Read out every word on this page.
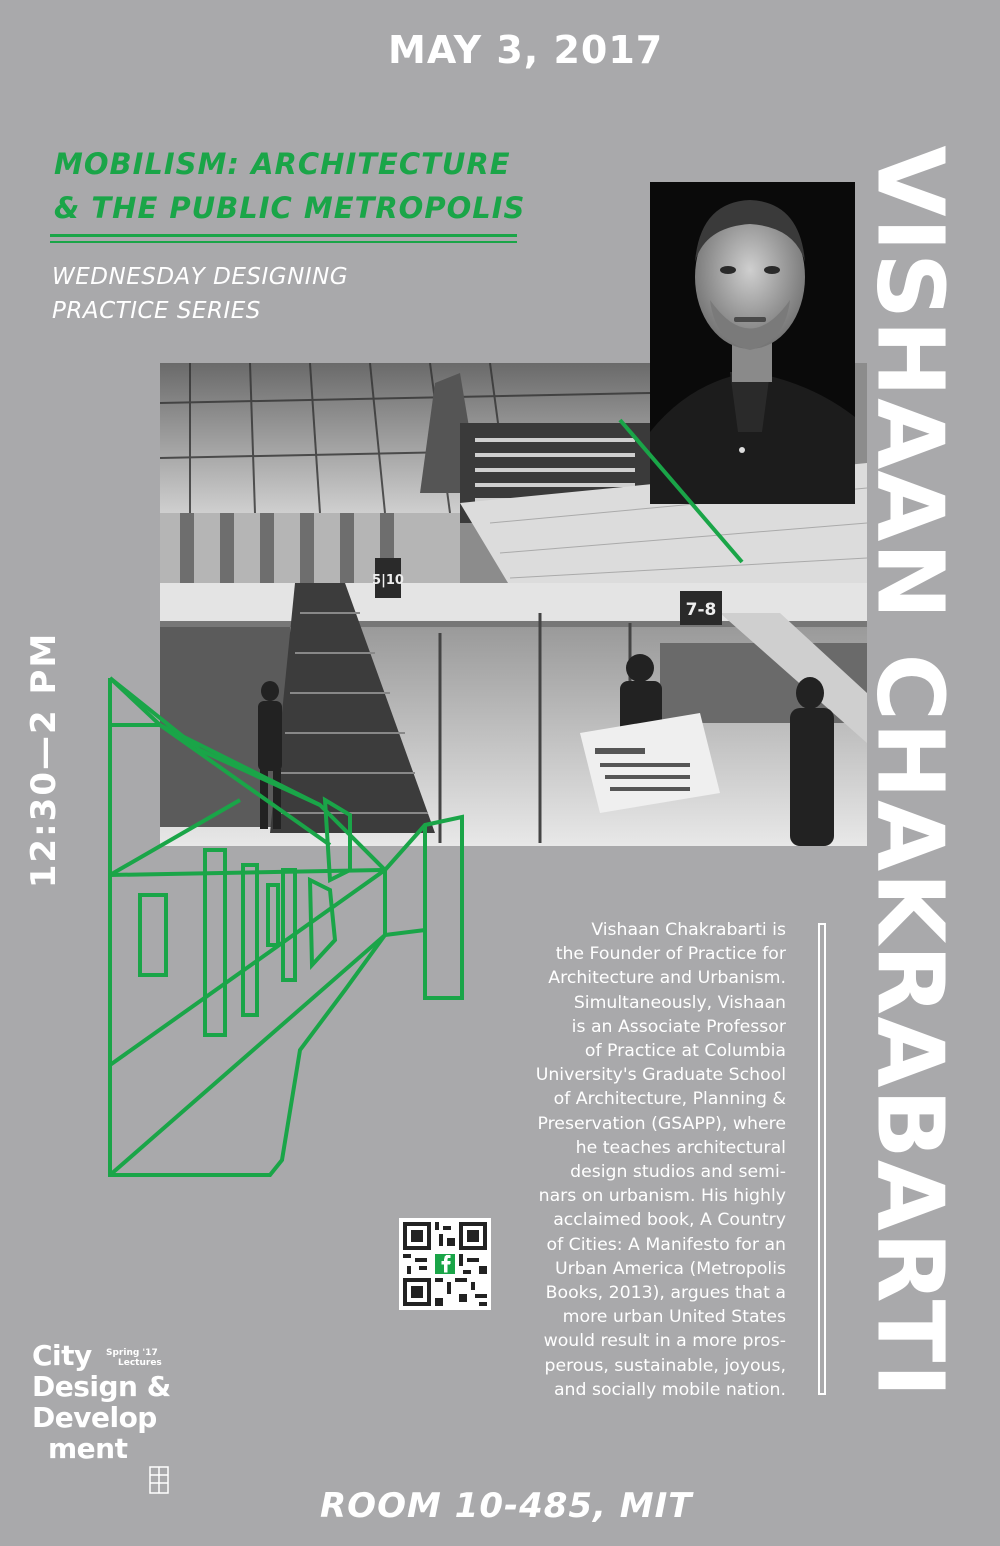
MAY 3, 2017
MOBILISM: ARCHITECTURE
& THE PUBLIC METROPOLIS
WEDNESDAY DESIGNING
PRACTICE SERIES
5|10
7-8
12:30—2 PM	VISHAAN CHAKRABARTI
Vishaan Chakrabarti is
the Founder of Practice for
Architecture and Urbanism.
Simultaneously, Vishaan
is an Associate Professor
of Practice at Columbia
University's Graduate School
of Architecture, Planning &
Preservation (GSAPP), where
he teaches architectural
design studios and semi-
nars on urbanism. His highly
acclaimed book, A Country
of Cities: A Manifesto for an
Urban America (Metropolis
Books, 2013), argues that a
more urban United States
would result in a more pros-
perous, sustainable, joyous,
and socially mobile nation.
Spring '17
Lectures
City
Design &
Develop
ment
ROOM 10-485, MIT
